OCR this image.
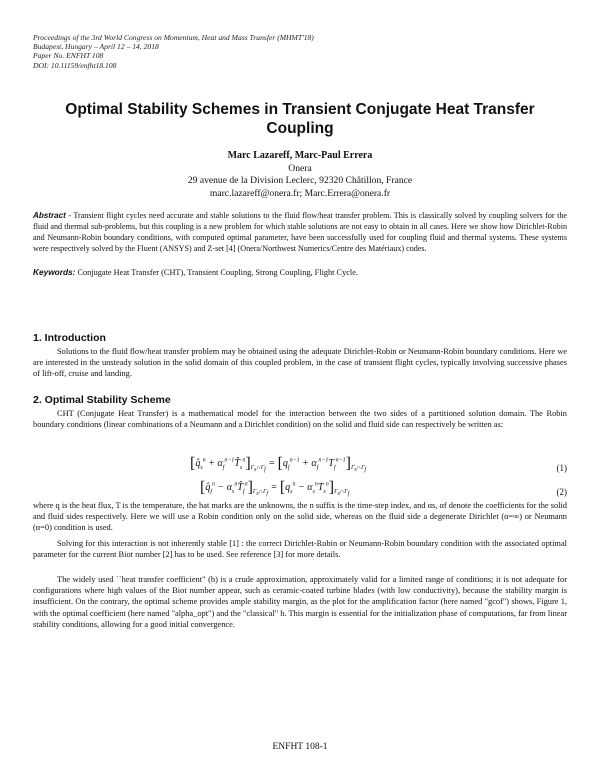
Proceedings of the 3rd World Congress on Momentum, Heat and Mass Transfer (MHMT'18)
Budapest, Hungary – April 12 – 14, 2018
Paper No. ENFHT 108
DOI: 10.11159/enfht18.108
Optimal Stability Schemes in Transient Conjugate Heat Transfer Coupling
Marc Lazareff, Marc-Paul Errera
Onera
29 avenue de la Division Leclerc, 92320 Châtillon, France
marc.lazareff@onera.fr; Marc.Errera@onera.fr
Abstract - Transient flight cycles need accurate and stable solutions to the fluid flow/heat transfer problem. This is classically solved by coupling solvers for the fluid and thermal sub-problems, but this coupling is a new problem for which stable solutions are not easy to obtain in all cases. Here we show how Dirichlet-Robin and Neumann-Robin boundary conditions, with computed optimal parameter, have been successfully used for coupling fluid and thermal systems. These systems were respectively solved by the Fluent (ANSYS) and Z-set [4] (Onera/Northwest Numerics/Centre des Matériaux) codes.
Keywords: Conjugate Heat Transfer (CHT), Transient Coupling, Strong Coupling, Flight Cycle.
1. Introduction

Solutions to the fluid flow/heat transfer problem may be obtained using the adequate Dirichlet-Robin or Neumann-Robin boundary conditions. Here we are interested in the unsteady solution in the solid domain of this coupled problem, in the case of transient flight cycles, typically involving successive phases of lift-off, cruise and landing.

2. Optimal Stability Scheme

CHT (Conjugate Heat Transfer) is a mathematical model for the interaction between the two sides of a partitioned solution domain. The Robin boundary conditions (linear combinations of a Neumann and a Dirichlet condition) on the solid and fluid side can respectively be written as:

[$q̂_s^n$ + $\alpha_f^{n-1}T̂_s^n]_{\Gamma_s\cap\Gamma_f} = [q_f^{n-1} + \alpha_f^{n-1}T_f^{n-1}]_{\Gamma_s\cap\Gamma_f}$	(1)
[$q̂_f^n$ − $\alpha_s^nT̂_f^n]_{\Gamma_s\cap\Gamma_f} = [q_s^n - \alpha_s^nT_s^n]_{\Gamma_s\cap\Gamma_f}$	(2)

where q is the heat flux, T is the temperature, the hat marks are the unknowns, the n suffix is the time-step index, and αs, αf denote the coefficients for the solid and fluid sides respectively. Here we will use a Robin condition only on the solid side, whereas on the fluid side a degenerate Dirichlet (α=∞) or Neumann (α=0) condition is used.

Solving for this interaction is not inherently stable [1] : the correct Dirichlet-Robin or Neumann-Robin boundary condition with the associated optimal parameter for the current Biot number [2] has to be used. See reference [3] for more details.

The widely used ``heat transfer coefficient" (h) is a crude approximation, approximately valid for a limited range of conditions; it is not adequate for configurations where high values of the Biot number appear, such as ceramic-coated turbine blades (with low conductivity), because the stability margin is insufficient. On the contrary, the optimal scheme provides ample stability margin, as the plot for the amplification factor (here named "gcof") shows, Figure 1, with the optimal coefficient (here named "alpha_opt") and the "classical" h. This margin is essential for the initialization phase of computations, far from linear stability conditions, allowing for a good initial convergence.

ENFHT 108-1
